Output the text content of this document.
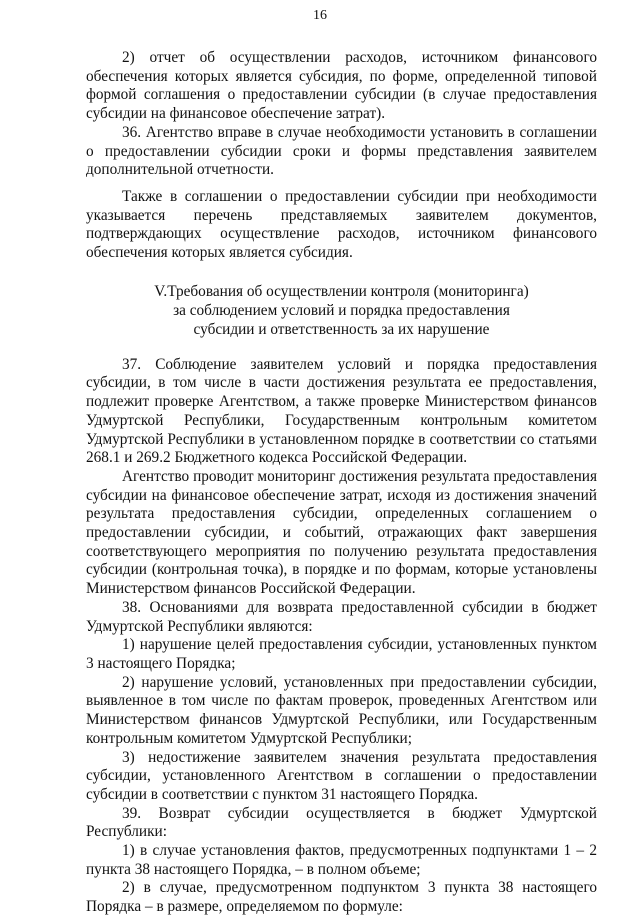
16

2) отчет об осуществлении расходов, источником финансового обеспечения которых является субсидия, по форме, определенной типовой формой соглашения о предоставлении субсидии (в случае предоставления субсидии на финансовое обеспечение затрат).

36. Агентство вправе в случае необходимости установить в соглашении о предоставлении субсидии сроки и формы представления заявителем дополнительной отчетности.

Также в соглашении о предоставлении субсидии при необходимости указывается перечень представляемых заявителем документов, подтверждающих осуществление расходов, источником финансового обеспечения которых является субсидия.

V.Требования об осуществлении контроля (мониторинга)
за соблюдением условий и порядка предоставления
субсидии и ответственность за их нарушение

37. Соблюдение заявителем условий и порядка предоставления субсидии, в том числе в части достижения результата ее предоставления, подлежит проверке Агентством, а также проверке Министерством финансов Удмуртской Республики, Государственным контрольным комитетом Удмуртской Республики в установленном порядке в соответствии со статьями 268.1 и 269.2 Бюджетного кодекса Российской Федерации.

Агентство проводит мониторинг достижения результата предоставления субсидии на финансовое обеспечение затрат, исходя из достижения значений результата предоставления субсидии, определенных соглашением о предоставлении субсидии, и событий, отражающих факт завершения соответствующего мероприятия по получению результата предоставления субсидии (контрольная точка), в порядке и по формам, которые установлены Министерством финансов Российской Федерации.

38. Основаниями для возврата предоставленной субсидии в бюджет Удмуртской Республики являются:

1) нарушение целей предоставления субсидии, установленных пунктом 3 настоящего Порядка;

2) нарушение условий, установленных при предоставлении субсидии, выявленное в том числе по фактам проверок, проведенных Агентством или Министерством финансов Удмуртской Республики, или Государственным контрольным комитетом Удмуртской Республики;

3) недостижение заявителем значения результата предоставления субсидии, установленного Агентством в соглашении о предоставлении субсидии в соответствии с пунктом 31 настоящего Порядка.

39. Возврат субсидии осуществляется в бюджет Удмуртской Республики:

1) в случае установления фактов, предусмотренных подпунктами 1 – 2 пункта 38 настоящего Порядка, – в полном объеме;

2) в случае, предусмотренном подпунктом 3 пункта 38 настоящего Порядка – в размере, определяемом по формуле:
